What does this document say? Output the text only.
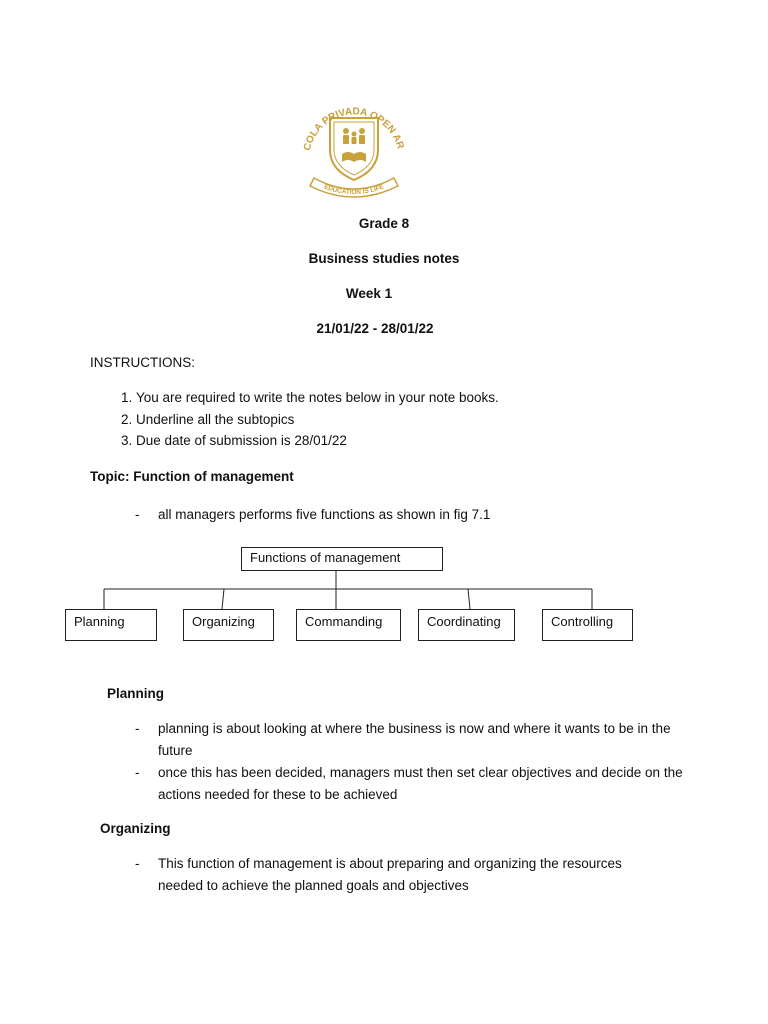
COLA PRIVADA OPEN AR
EDUCATION IS LIFE
Grade 8
Business studies notes
Week 1
21/01/22 - 28/01/22
INSTRUCTIONS:
1. You are required to write the notes below in your note books.
2. Underline all the subtopics
3. Due date of submission is 28/01/22
Topic: Function of management
- all managers performs five functions as shown in fig 7.1
Functions of management
Planning	Organizing	Commanding	Coordinating	Controlling
Planning
- planning is about looking at where the business is now and where it wants to be in the future
- once this has been decided, managers must then set clear objectives and decide on the actions needed for these to be achieved
Organizing
- This function of management is about preparing and organizing the resources needed to achieve the planned goals and objectives
